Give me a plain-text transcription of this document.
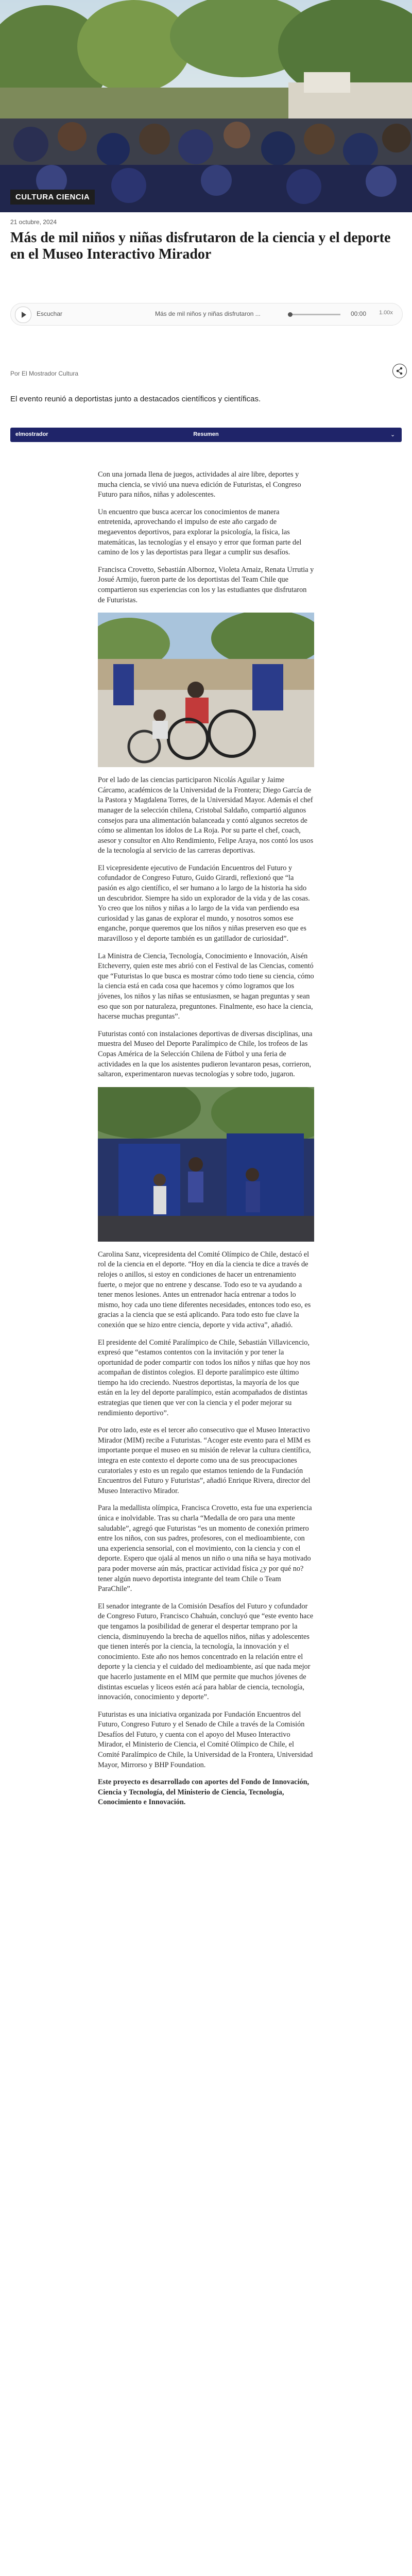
CULTURA CIENCIA
21 octubre, 2024
Más de mil niños y niñas disfrutaron de la ciencia y el deporte en el Museo Interactivo Mirador
Escuchar	Más de mil niños y niñas disfrutaron ...	00:00 1.00x
Por El Mostrador Cultura
El evento reunió a deportistas junto a destacados científicos y científicas.
elmostrador	Resumen	⌄

Con una jornada llena de juegos, actividades al aire libre, deportes y mucha ciencia, se vivió una nueva edición de Futuristas, el Congreso Futuro para niños, niñas y adolescentes.

Un encuentro que busca acercar los conocimientos de manera entretenida, aprovechando el impulso de este año cargado de megaeventos deportivos, para explorar la psicología, la física, las matemáticas, las tecnologías y el ensayo y error que forman parte del camino de los y las deportistas para llegar a cumplir sus desafíos.

Francisca Crovetto, Sebastián Albornoz, Violeta Arnaiz, Renata Urrutia y Josué Armijo, fueron parte de los deportistas del Team Chile que compartieron sus experiencias con los y las estudiantes que disfrutaron de Futuristas.

Por el lado de las ciencias participaron Nicolás Aguilar y Jaime Cárcamo, académicos de la Universidad de la Frontera; Diego García de la Pastora y Magdalena Torres, de la Universidad Mayor. Además el chef manager de la selección chilena, Cristobal Saldaño, compartió algunos consejos para una alimentación balanceada y contó algunos secretos de cómo se alimentan los ídolos de La Roja. Por su parte el chef, coach, asesor y consultor en Alto Rendimiento, Felipe Araya, nos contó los usos de la tecnología al servicio de las carreras deportivas.

El vicepresidente ejecutivo de Fundación Encuentros del Futuro y cofundador de Congreso Futuro, Guido Girardi, reflexionó que “la pasión es algo científico, el ser humano a lo largo de la historia ha sido un descubridor. Siempre ha sido un explorador de la vida y de las cosas. Yo creo que los niños y niñas a lo largo de la vida van perdiendo esa curiosidad y las ganas de explorar el mundo, y nosotros somos ese enganche, porque queremos que los niños y niñas preserven eso que es maravilloso y el deporte también es un gatillador de curiosidad”.

La Ministra de Ciencia, Tecnología, Conocimiento e Innovación, Aisén Etcheverry, quien este mes abrió con el Festival de las Ciencias, comentó que “Futuristas lo que busca es mostrar cómo todo tiene su ciencia, cómo la ciencia está en cada cosa que hacemos y cómo logramos que los jóvenes, los niños y las niñas se entusiasmen, se hagan preguntas y sean eso que son por naturaleza, preguntones. Finalmente, eso hace la ciencia, hacerse muchas preguntas”.

Futuristas contó con instalaciones deportivas de diversas disciplinas, una muestra del Museo del Deporte Paralímpico de Chile, los trofeos de las Copas América de la Selección Chilena de Fútbol y una feria de actividades en la que los asistentes pudieron levantaron pesas, corrieron, saltaron, experimentaron nuevas tecnologías y sobre todo, jugaron.

Carolina Sanz, vicepresidenta del Comité Olímpico de Chile, destacó el rol de la ciencia en el deporte. “Hoy en día la ciencia te dice a través de relojes o anillos, si estoy en condiciones de hacer un entrenamiento fuerte, o mejor que no entrene y descanse. Todo eso te va ayudando a tener menos lesiones. Antes un entrenador hacía entrenar a todos lo mismo, hoy cada uno tiene diferentes necesidades, entonces todo eso, es gracias a la ciencia que se está aplicando. Para todo esto fue clave la conexión que se hizo entre ciencia, deporte y vida activa”, añadió.

El presidente del Comité Paralímpico de Chile, Sebastián Villavicencio, expresó que “estamos contentos con la invitación y por tener la oportunidad de poder compartir con todos los niños y niñas que hoy nos acompañan de distintos colegios. El deporte paralímpico este último tiempo ha ido creciendo. Nuestros deportistas, la mayoría de los que están en la ley del deporte paralímpico, están acompañados de distintas estrategias que tienen que ver con la ciencia y el poder mejorar su rendimiento deportivo”.

Por otro lado, este es el tercer año consecutivo que el Museo Interactivo Mirador (MIM) recibe a Futuristas. “Acoger este evento para el MIM es importante porque el museo en su misión de relevar la cultura científica, integra en este contexto el deporte como una de sus preocupaciones curatoriales y esto es un regalo que estamos teniendo de la Fundación Encuentros del Futuro y Futuristas”, añadió Enrique Rivera, director del Museo Interactivo Mirador.

Para la medallista olímpica, Francisca Crovetto, esta fue una experiencia única e inolvidable. Tras su charla “Medalla de oro para una mente saludable”, agregó que Futuristas “es un momento de conexión primero entre los niños, con sus padres, profesores, con el medioambiente, con una experiencia sensorial, con el movimiento, con la ciencia y con el deporte. Espero que ojalá al menos un niño o una niña se haya motivado para poder moverse aún más, practicar actividad física ¿y por qué no? tener algún nuevo deportista integrante del team Chile o Team ParaChile”.

El senador integrante de la Comisión Desafíos del Futuro y cofundador de Congreso Futuro, Francisco Chahuán, concluyó que “este evento hace que tengamos la posibilidad de generar el despertar temprano por la ciencia, disminuyendo la brecha de aquellos niños, niñas y adolescentes que tienen interés por la ciencia, la tecnología, la innovación y el conocimiento. Este año nos hemos concentrado en la relación entre el deporte y la ciencia y el cuidado del medioambiente, así que nada mejor que hacerlo justamente en el MIM que permite que muchos jóvenes de distintas escuelas y liceos estén acá para hablar de ciencia, tecnología, innovación, conocimiento y deporte”.

Futuristas es una iniciativa organizada por Fundación Encuentros del Futuro, Congreso Futuro y el Senado de Chile a través de la Comisión Desafíos del Futuro, y cuenta con el apoyo del Museo Interactivo Mirador, el Ministerio de Ciencia, el Comité Olímpico de Chile, el Comité Paralímpico de Chile, la Universidad de la Frontera, Universidad Mayor, Mirrorso y BHP Foundation.

Este proyecto es desarrollado con aportes del Fondo de Innovación, Ciencia y Tecnología, del Ministerio de Ciencia, Tecnología, Conocimiento e Innovación.
